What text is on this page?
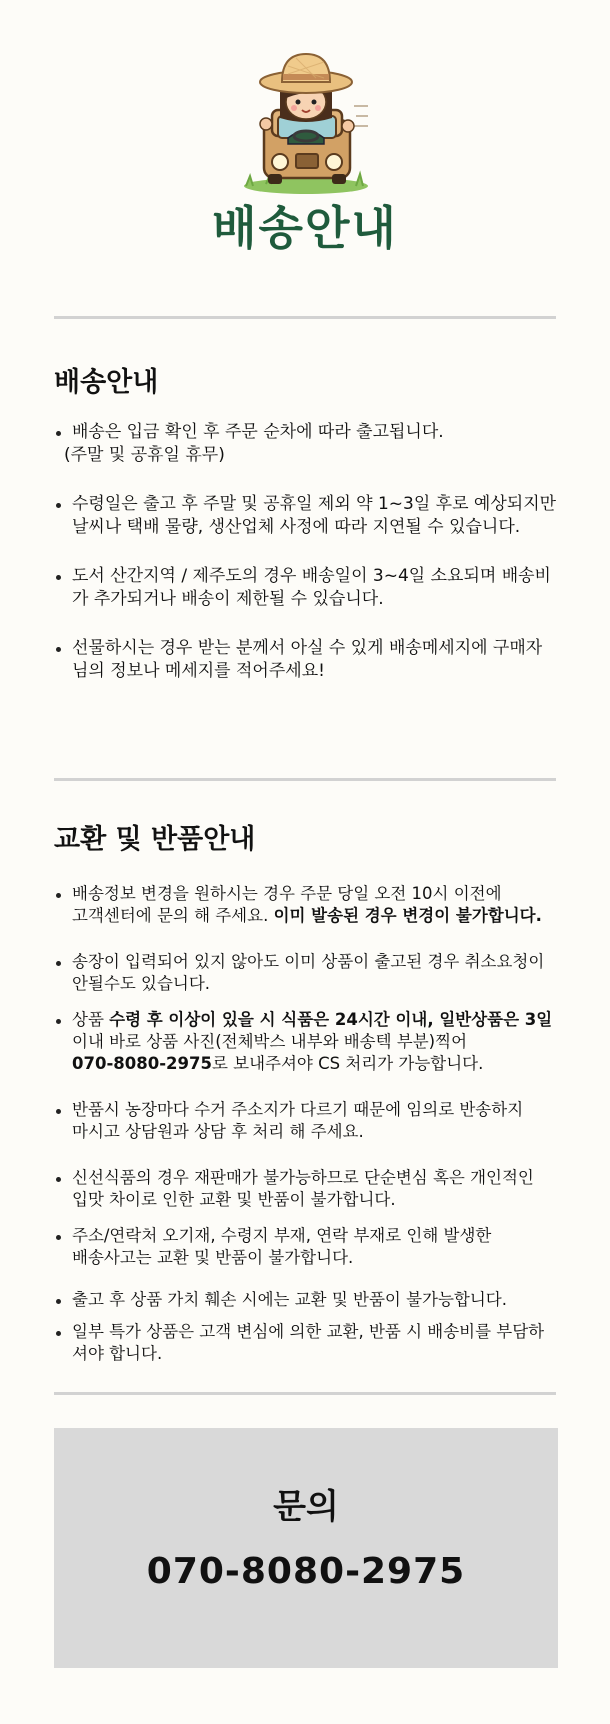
배송안내
배송안내
배송은 입금 확인 후 주문 순차에 따라 출고됩니다.
(주말 및 공휴일 휴무)
수령일은 출고 후 주말 및 공휴일 제외 약 1~3일 후로 예상되지만
날씨나 택배 물량, 생산업체 사정에 따라 지연될 수 있습니다.
도서 산간지역 / 제주도의 경우 배송일이 3~4일 소요되며 배송비
가 추가되거나 배송이 제한될 수 있습니다.
선물하시는 경우 받는 분께서 아실 수 있게 배송메세지에 구매자
님의 정보나 메세지를 적어주세요!
교환 및 반품안내
배송정보 변경을 원하시는 경우 주문 당일 오전 10시 이전에
고객센터에 문의 해 주세요. 이미 발송된 경우 변경이 불가합니다.
송장이 입력되어 있지 않아도 이미 상품이 출고된 경우 취소요청이
안될수도 있습니다.
상품 수령 후 이상이 있을 시 식품은 24시간 이내, 일반상품은 3일
이내 바로 상품 사진(전체박스 내부와 배송텍 부분)찍어
070-8080-2975로 보내주셔야 CS 처리가 가능합니다.
반품시 농장마다 수거 주소지가 다르기 때문에 임의로 반송하지
마시고 상담원과 상담 후 처리 해 주세요.
신선식품의 경우 재판매가 불가능하므로 단순변심 혹은 개인적인
입맛 차이로 인한 교환 및 반품이 불가합니다.
주소/연락처 오기재, 수령지 부재, 연락 부재로 인해 발생한
배송사고는 교환 및 반품이 불가합니다.
출고 후 상품 가치 훼손 시에는 교환 및 반품이 불가능합니다.
일부 특가 상품은 고객 변심에 의한 교환, 반품 시 배송비를 부담하
셔야 합니다.
문의
070-8080-2975
